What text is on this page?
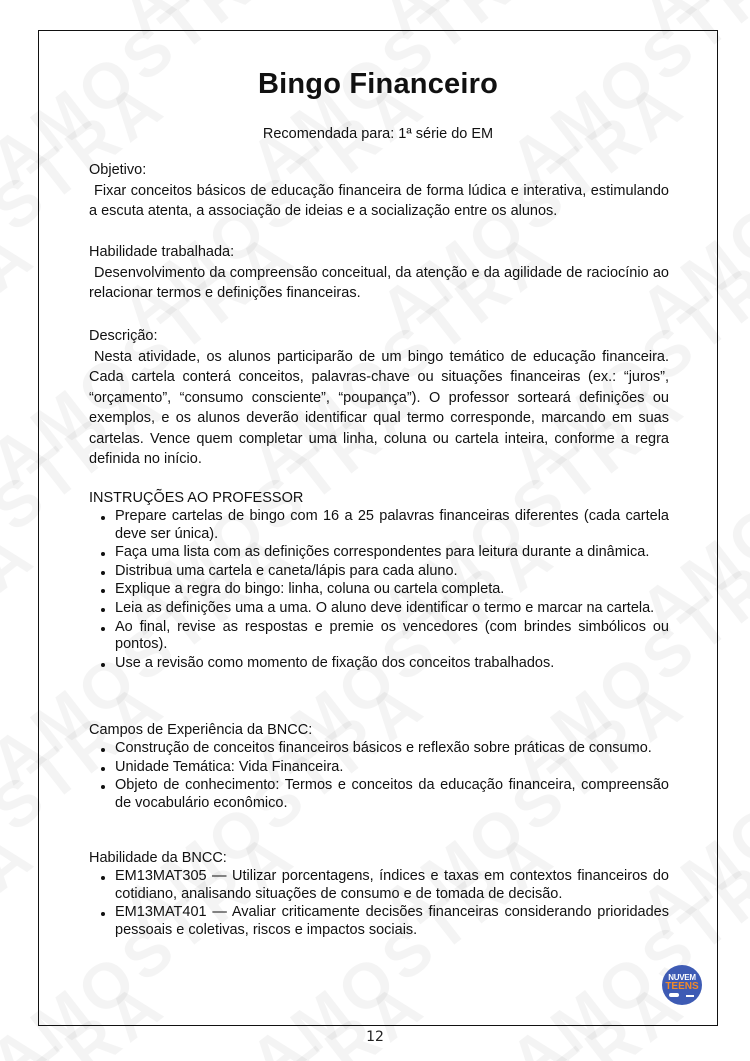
Bingo Financeiro
Recomendada para: 1ª série do EM
Objetivo:

Fixar conceitos básicos de educação financeira de forma lúdica e interativa, estimulando a escuta atenta, a associação de ideias e a socialização entre os alunos.

Habilidade trabalhada:

Desenvolvimento da compreensão conceitual, da atenção e da agilidade de raciocínio ao relacionar termos e definições financeiras.

Descrição:

Nesta atividade, os alunos participarão de um bingo temático de educação financeira. Cada cartela conterá conceitos, palavras-chave ou situações financeiras (ex.: “juros”, “orçamento”, “consumo consciente”, “poupança”). O professor sorteará definições ou exemplos, e os alunos deverão identificar qual termo corresponde, marcando em suas cartelas. Vence quem completar uma linha, coluna ou cartela inteira, conforme a regra definida no início.

INSTRUÇÕES AO PROFESSOR
Prepare cartelas de bingo com 16 a 25 palavras financeiras diferentes (cada cartela deve ser única).
Faça uma lista com as definições correspondentes para leitura durante a dinâmica.
Distribua uma cartela e caneta/lápis para cada aluno.
Explique a regra do bingo: linha, coluna ou cartela completa.
Leia as definições uma a uma. O aluno deve identificar o termo e marcar na cartela.
Ao final, revise as respostas e premie os vencedores (com brindes simbólicos ou pontos).
Use a revisão como momento de fixação dos conceitos trabalhados.
Campos de Experiência da BNCC:
Construção de conceitos financeiros básicos e reflexão sobre práticas de consumo.
Unidade Temática: Vida Financeira.
Objeto de conhecimento: Termos e conceitos da educação financeira, compreensão de vocabulário econômico.
Habilidade da BNCC:
EM13MAT305 — Utilizar porcentagens, índices e taxas em contextos financeiros do cotidiano, analisando situações de consumo e de tomada de decisão.
EM13MAT401 — Avaliar criticamente decisões financeiras considerando prioridades pessoais e coletivas, riscos e impactos sociais.
NUVEM
TEENS
12
